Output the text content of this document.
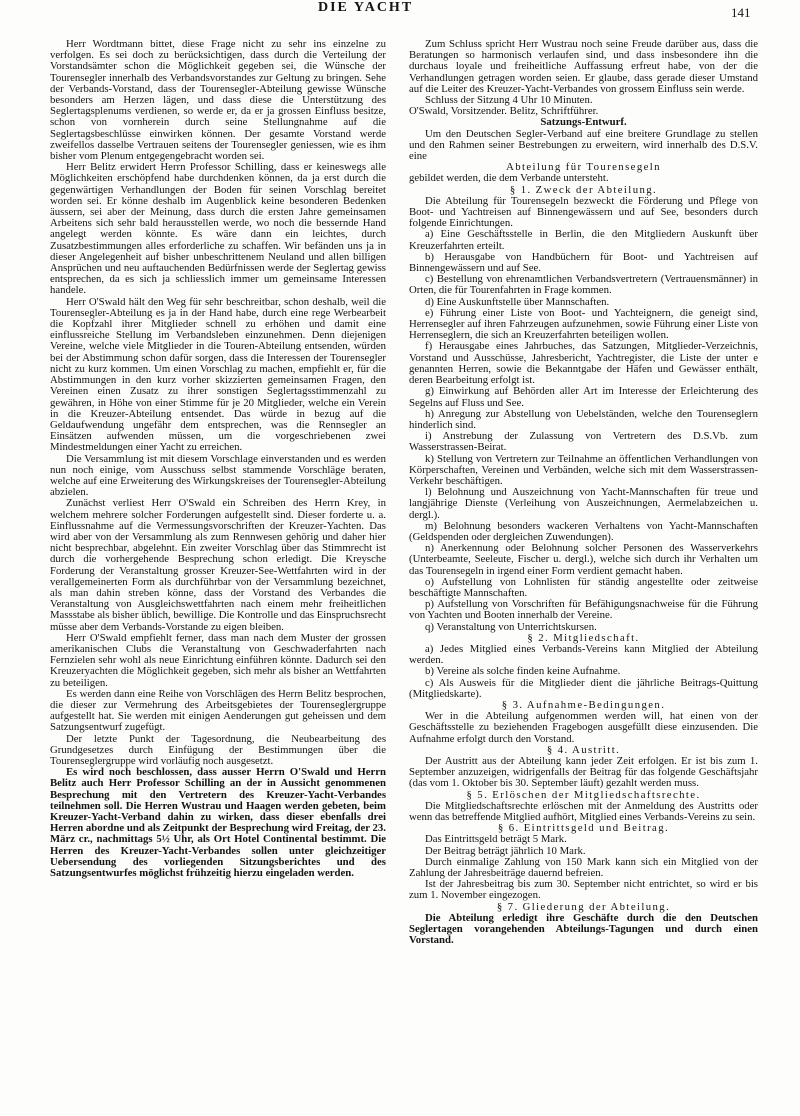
DIE YACHT	141

Herr Wordtmann bittet, diese Frage nicht zu sehr ins einzelne zu verfolgen. Es sei doch zu berücksichtigen, dass durch die Verteilung der Vorstandsämter schon die Möglichkeit gegeben sei, die Wünsche der Tourensegler innerhalb des Verbandsvorstandes zur Geltung zu bringen. Sehe der Verbands-Vorstand, dass der Tourensegler-Abteilung gewisse Wünsche besonders am Herzen lägen, und dass diese die Unterstützung des Seglertagsplenums verdienen, so werde er, da er ja grossen Einfluss besitze, schon von vornherein durch seine Stellungnahme auf die Seglertagsbeschlüsse einwirken können. Der gesamte Vorstand werde zweifellos dasselbe Vertrauen seitens der Tourensegler geniessen, wie es ihm bisher vom Plenum entgegengebracht worden sei.

Herr Belitz erwidert Herrn Professor Schilling, dass er keineswegs alle Möglichkeiten erschöpfend habe durchdenken können, da ja erst durch die gegenwärtigen Verhandlungen der Boden für seinen Vorschlag bereitet worden sei. Er könne deshalb im Augenblick keine besonderen Bedenken äussern, sei aber der Meinung, dass durch die ersten Jahre gemeinsamen Arbeitens sich sehr bald herausstellen werde, wo noch die bessernde Hand angelegt werden könnte. Es wäre dann ein leichtes, durch Zusatzbestimmungen alles erforderliche zu schaffen. Wir befänden uns ja in dieser Angelegenheit auf bisher unbeschrittenem Neuland und allen billigen Ansprüchen und neu auftauchenden Bedürfnissen werde der Seglertag gewiss entsprechen, da es sich ja schliesslich immer um gemeinsame Interessen handele.

Herr O'Swald hält den Weg für sehr beschreitbar, schon deshalb, weil die Tourensegler-Abteilung es ja in der Hand habe, durch eine rege Werbearbeit die Kopfzahl ihrer Mitglieder schnell zu erhöhen und damit eine einflussreiche Stellung im Verbandsleben einzunehmen. Denn diejenigen Vereine, welche viele Mitglieder in die Touren-Abteilung entsenden, würden bei der Abstimmung schon dafür sorgen, dass die Interessen der Tourensegler nicht zu kurz kommen. Um einen Vorschlag zu machen, empfiehlt er, für die Abstimmungen in den kurz vorher skizzierten gemeinsamen Fragen, den Vereinen einen Zusatz zu ihrer sonstigen Seglertagsstimmenzahl zu gewähren, in Höhe von einer Stimme für je 20 Mitglieder, welche ein Verein in die Kreuzer-Abteilung entsendet. Das würde in bezug auf die Geldaufwendung ungefähr dem entsprechen, was die Rennsegler an Einsätzen aufwenden müssen, um die vorgeschriebenen zwei Mindestmeldungen einer Yacht zu erreichen.

Die Versammlung ist mit diesem Vorschlage einverstanden und es werden nun noch einige, vom Ausschuss selbst stammende Vorschläge beraten, welche auf eine Erweiterung des Wirkungskreises der Tourensegler-Abteilung abzielen.

Zunächst verliest Herr O'Swald ein Schreiben des Herrn Krey, in welchem mehrere solcher Forderungen aufgestellt sind. Dieser forderte u. a. Einflussnahme auf die Vermessungsvorschriften der Kreuzer-Yachten. Das wird aber von der Versammlung als zum Rennwesen gehörig und daher hier nicht besprechbar, abgelehnt. Ein zweiter Vorschlag über das Stimmrecht ist durch die vorhergehende Besprechung schon erledigt. Die Kreysche Forderung der Veranstaltung grosser Kreuzer-See-Wettfahrten wird in der verallgemeinerten Form als durchführbar von der Versammlung bezeichnet, als man dahin streben könne, dass der Vorstand des Verbandes die Veranstaltung von Ausgleichswettfahrten nach einem mehr freiheitlichen Massstabe als bisher üblich, bewillige. Die Kontrolle und das Einspruchsrecht müsse aber dem Verbands-Vorstande zu eigen bleiben.

Herr O'Swald empfiehlt ferner, dass man nach dem Muster der grossen amerikanischen Clubs die Veranstaltung von Geschwaderfahrten nach Fernzielen sehr wohl als neue Einrichtung einführen könnte. Dadurch sei den Kreuzeryachten die Möglichkeit gegeben, sich mehr als bisher an Wettfahrten zu beteiligen.

Es werden dann eine Reihe von Vorschlägen des Herrn Belitz besprochen, die dieser zur Vermehrung des Arbeitsgebietes der Tourenseglergruppe aufgestellt hat. Sie werden mit einigen Aenderungen gut geheissen und dem Satzungsentwurf zugefügt.

Der letzte Punkt der Tagesordnung, die Neubearbeitung des Grundgesetzes durch Einfügung der Bestimmungen über die Tourenseglergruppe wird vorläufig noch ausgesetzt.

Es wird noch beschlossen, dass ausser Herrn O'Swald und Herrn Belitz auch Herr Professor Schilling an der in Aussicht genommenen Besprechung mit den Vertretern des Kreuzer-Yacht-Verbandes teilnehmen soll. Die Herren Wustrau und Haagen werden gebeten, beim Kreuzer-Yacht-Verband dahin zu wirken, dass dieser ebenfalls drei Herren abordne und als Zeitpunkt der Besprechung wird Freitag, der 23. März cr., nachmittags 5½ Uhr, als Ort Hotel Continental bestimmt. Die Herren des Kreuzer-Yacht-Verbandes sollen unter gleichzeitiger Uebersendung des vorliegenden Sitzungsberichtes und des Satzungsentwurfes möglichst frühzeitig hierzu eingeladen werden.

Zum Schluss spricht Herr Wustrau noch seine Freude darüber aus, dass die Beratungen so harmonisch verlaufen sind, und dass insbesondere ihn die durchaus loyale und freiheitliche Auffassung erfreut habe, von der die Verhandlungen getragen worden seien. Er glaube, dass gerade dieser Umstand auf die Leiter des Kreuzer-Yacht-Verbandes von grossem Einfluss sein werde.

Schluss der Sitzung 4 Uhr 10 Minuten.

O'Swald, Vorsitzender. Belitz, Schriftführer.

Satzungs-Entwurf.

Um den Deutschen Segler-Verband auf eine breitere Grundlage zu stellen und den Rahmen seiner Bestrebungen zu erweitern, wird innerhalb des D.S.V. eine

Abteilung für Tourensegeln

gebildet werden, die dem Verbande untersteht.

§ 1. Zweck der Abteilung.

Die Abteilung für Tourensegeln bezweckt die Förderung und Pflege von Boot- und Yachtreisen auf Binnengewässern und auf See, besonders durch folgende Einrichtungen.

a) Eine Geschäftsstelle in Berlin, die den Mitgliedern Auskunft über Kreuzerfahrten erteilt.

b) Herausgabe von Handbüchern für Boot- und Yachtreisen auf Binnengewässern und auf See.

c) Bestellung von ehrenamtlichen Verbandsvertretern (Vertrauensmänner) in Orten, die für Tourenfahrten in Frage kommen.

d) Eine Auskunftstelle über Mannschaften.

e) Führung einer Liste von Boot- und Yachteignern, die geneigt sind, Herrensegler auf ihren Fahrzeugen aufzunehmen, sowie Führung einer Liste von Herrenseglern, die sich an Kreuzerfahrten beteiligen wollen.

f) Herausgabe eines Jahrbuches, das Satzungen, Mitglieder-Verzeichnis, Vorstand und Ausschüsse, Jahresbericht, Yachtregister, die Liste der unter e genannten Herren, sowie die Bekanntgabe der Häfen und Gewässer enthält, deren Bearbeitung erfolgt ist.

g) Einwirkung auf Behörden aller Art im Interesse der Erleichterung des Segelns auf Fluss und See.

h) Anregung zur Abstellung von Uebelständen, welche den Tourenseglern hinderlich sind.

i) Anstrebung der Zulassung von Vertretern des D.S.Vb. zum Wasserstrassen-Beirat.

k) Stellung von Vertretern zur Teilnahme an öffentlichen Verhandlungen von Körperschaften, Vereinen und Verbänden, welche sich mit dem Wasserstrassen-Verkehr beschäftigen.

l) Belohnung und Auszeichnung von Yacht-Mannschaften für treue und langjährige Dienste (Verleihung von Auszeichnungen, Aermelabzeichen u. dergl.).

m) Belohnung besonders wackeren Verhaltens von Yacht-Mannschaften (Geldspenden oder dergleichen Zuwendungen).

n) Anerkennung oder Belohnung solcher Personen des Wasserverkehrs (Unterbeamte, Seeleute, Fischer u. dergl.), welche sich durch ihr Verhalten um das Tourensegeln in irgend einer Form verdient gemacht haben.

o) Aufstellung von Lohnlisten für ständig angestellte oder zeitweise beschäftigte Mannschaften.

p) Aufstellung von Vorschriften für Befähigungsnachweise für die Führung von Yachten und Booten innerhalb der Vereine.

q) Veranstaltung von Unterrichtskursen.

§ 2. Mitgliedschaft.

a) Jedes Mitglied eines Verbands-Vereins kann Mitglied der Abteilung werden.

b) Vereine als solche finden keine Aufnahme.

c) Als Ausweis für die Mitglieder dient die jährliche Beitrags-Quittung (Mitgliedskarte).

§ 3. Aufnahme-Bedingungen.

Wer in die Abteilung aufgenommen werden will, hat einen von der Geschäftsstelle zu beziehenden Fragebogen ausgefüllt diese einzusenden. Die Aufnahme erfolgt durch den Vorstand.

§ 4. Austritt.

Der Austritt aus der Abteilung kann jeder Zeit erfolgen. Er ist bis zum 1. September anzuzeigen, widrigenfalls der Beitrag für das folgende Geschäftsjahr (das vom 1. Oktober bis 30. September läuft) gezahlt werden muss.

§ 5. Erlöschen der Mitgliedschaftsrechte.

Die Mitgliedschaftsrechte erlöschen mit der Anmeldung des Austritts oder wenn das betreffende Mitglied aufhört, Mitglied eines Verbands-Vereins zu sein.

§ 6. Eintrittsgeld und Beitrag.

Das Eintrittsgeld beträgt 5 Mark.

Der Beitrag beträgt jährlich 10 Mark.

Durch einmalige Zahlung von 150 Mark kann sich ein Mitglied von der Zahlung der Jahresbeiträge dauernd befreien.

Ist der Jahresbeitrag bis zum 30. September nicht entrichtet, so wird er bis zum 1. November eingezogen.

§ 7. Gliederung der Abteilung.

Die Abteilung erledigt ihre Geschäfte durch die den Deutschen Seglertagen vorangehenden Abteilungs-Tagungen und durch einen Vorstand.
